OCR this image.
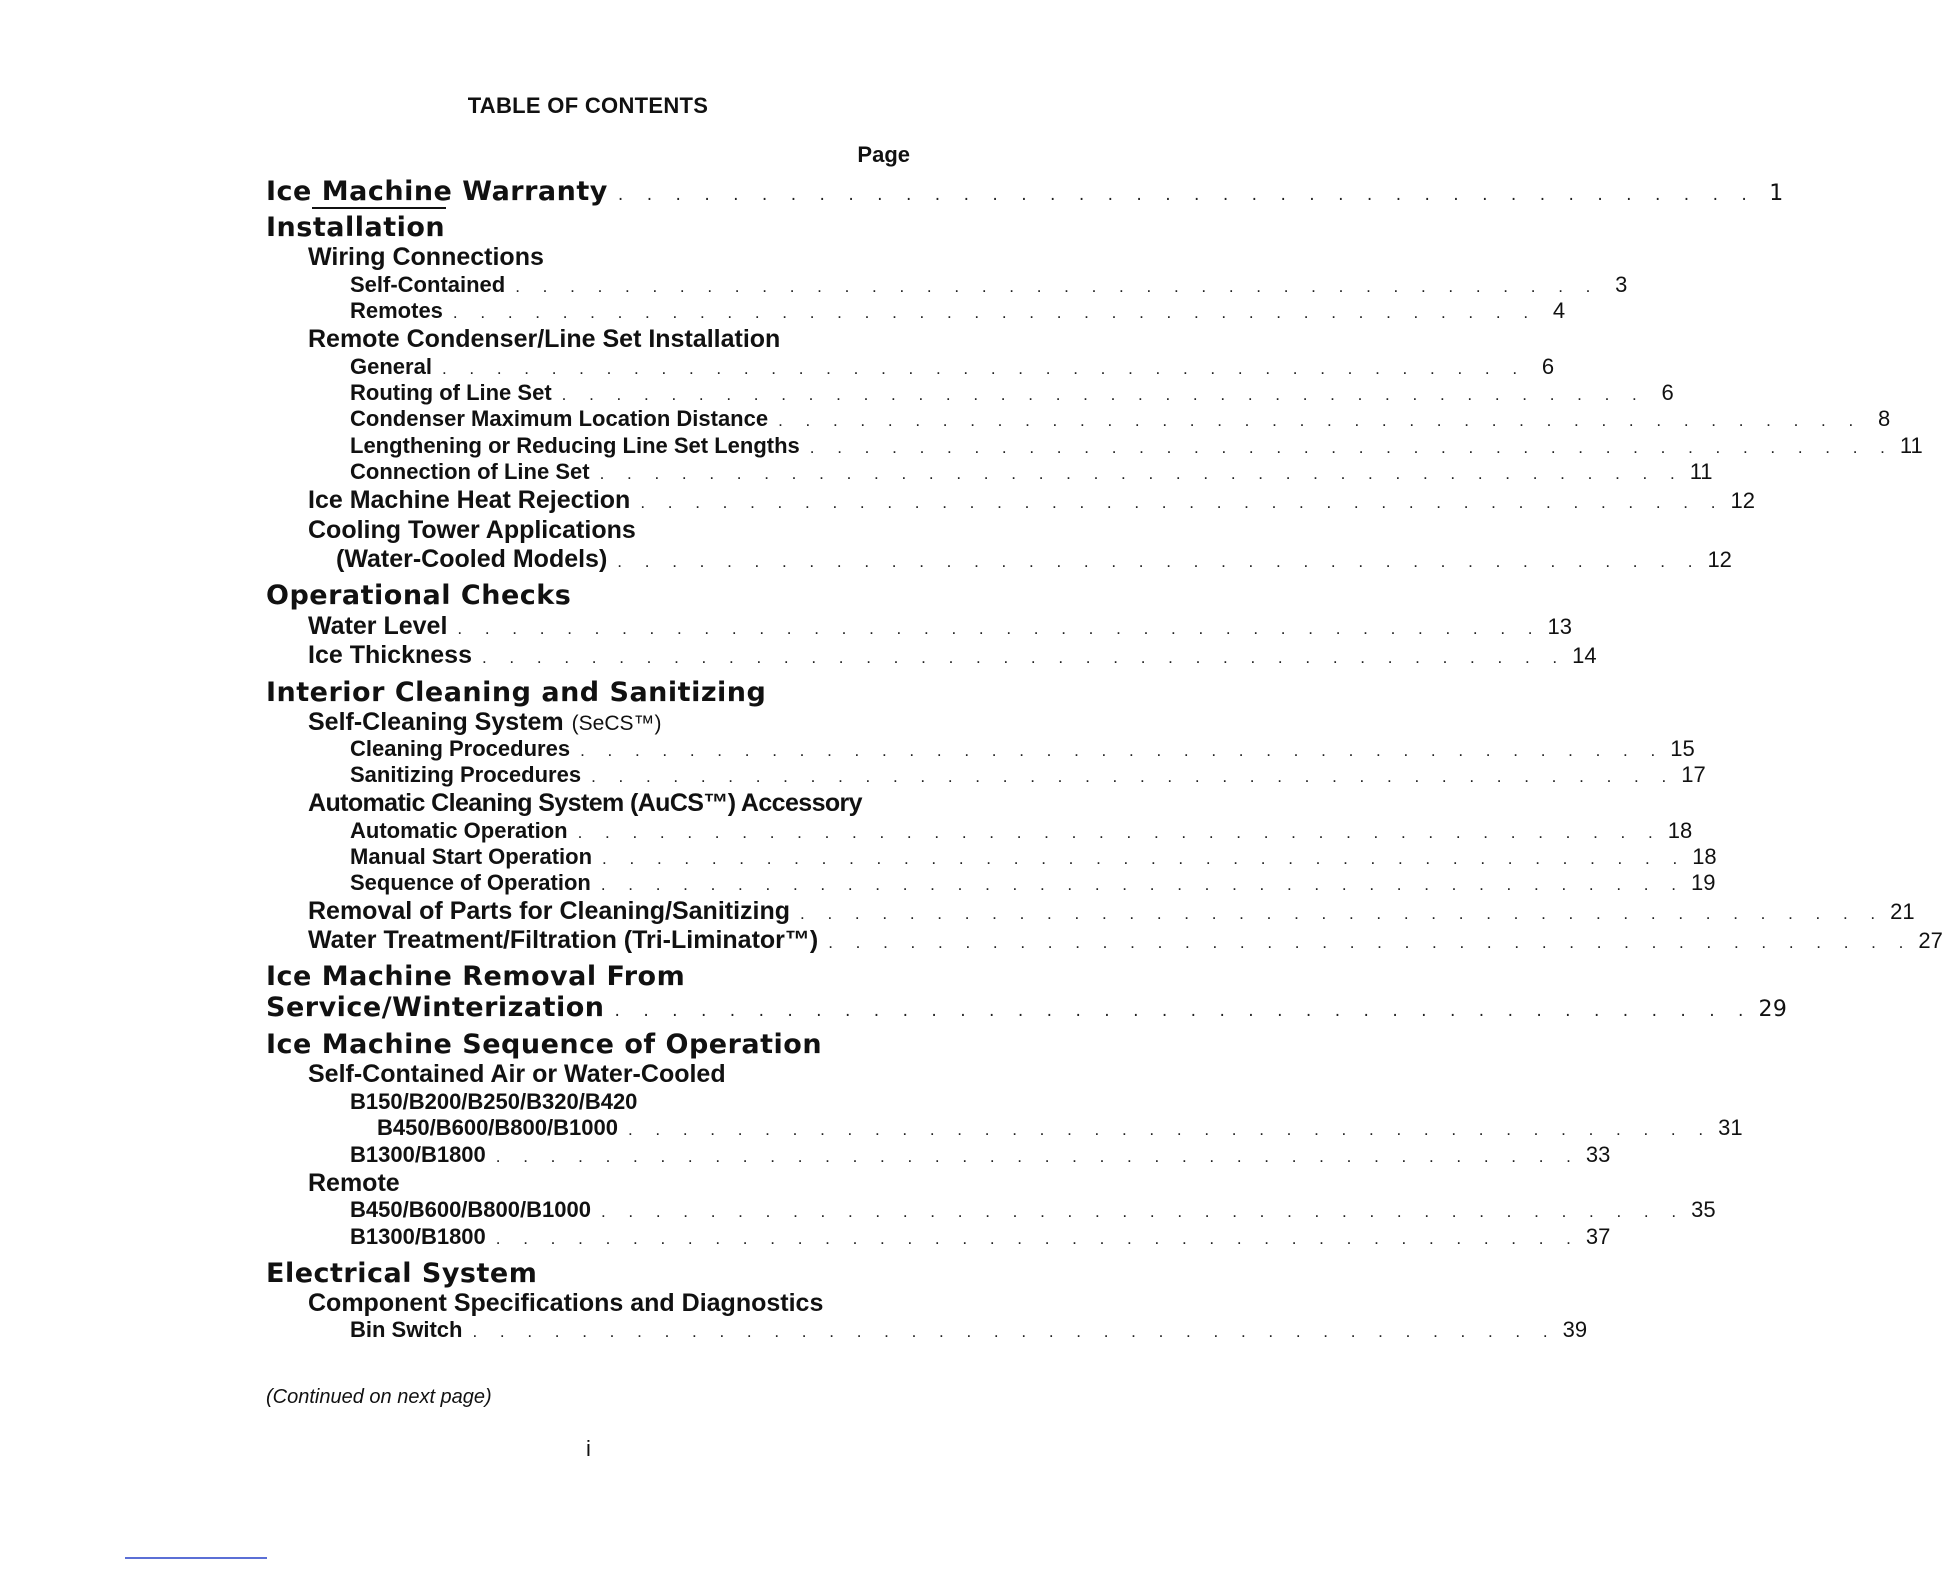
TABLE OF CONTENTS
Page
Ice Machine Warranty . . . . . . . . . . . . . . . . . . . . . . . . . . . . . . . . . . . . . . . . 1
Installation
Wiring Connections
Self-Contained . . . . . . . . . . . . . . . . . . . . . . . . . . . . . . . . . . . . . . . . 3
Remotes . . . . . . . . . . . . . . . . . . . . . . . . . . . . . . . . . . . . . . . . 4
Remote Condenser/Line Set Installation
General . . . . . . . . . . . . . . . . . . . . . . . . . . . . . . . . . . . . . . . . 6
Routing of Line Set . . . . . . . . . . . . . . . . . . . . . . . . . . . . . . . . . . . . . . . . 6
Condenser Maximum Location Distance . . . . . . . . . . . . . . . . . . . . . . . . . . . . . . . . . . . . . . . . 8
Lengthening or Reducing Line Set Lengths . . . . . . . . . . . . . . . . . . . . . . . . . . . . . . . . . . . . . . . . 11
Connection of Line Set . . . . . . . . . . . . . . . . . . . . . . . . . . . . . . . . . . . . . . . . 11
Ice Machine Heat Rejection . . . . . . . . . . . . . . . . . . . . . . . . . . . . . . . . . . . . . . . . 12
Cooling Tower Applications
(Water-Cooled Models) . . . . . . . . . . . . . . . . . . . . . . . . . . . . . . . . . . . . . . . . 12
Operational Checks
Water Level . . . . . . . . . . . . . . . . . . . . . . . . . . . . . . . . . . . . . . . . 13
Ice Thickness . . . . . . . . . . . . . . . . . . . . . . . . . . . . . . . . . . . . . . . . 14
Interior Cleaning and Sanitizing
Self-Cleaning System (SeCS™)
Cleaning Procedures . . . . . . . . . . . . . . . . . . . . . . . . . . . . . . . . . . . . . . . . 15
Sanitizing Procedures . . . . . . . . . . . . . . . . . . . . . . . . . . . . . . . . . . . . . . . . 17
Automatic Cleaning System (AuCS™) Accessory
Automatic Operation . . . . . . . . . . . . . . . . . . . . . . . . . . . . . . . . . . . . . . . . 18
Manual Start Operation . . . . . . . . . . . . . . . . . . . . . . . . . . . . . . . . . . . . . . . . 18
Sequence of Operation . . . . . . . . . . . . . . . . . . . . . . . . . . . . . . . . . . . . . . . . 19
Removal of Parts for Cleaning/Sanitizing . . . . . . . . . . . . . . . . . . . . . . . . . . . . . . . . . . . . . . . . 21
Water Treatment/Filtration (Tri-Liminator™) . . . . . . . . . . . . . . . . . . . . . . . . . . . . . . . . . . . . . . . . 27
Ice Machine Removal From
Service/Winterization . . . . . . . . . . . . . . . . . . . . . . . . . . . . . . . . . . . . . . . . 29
Ice Machine Sequence of Operation
Self-Contained Air or Water-Cooled
B150/B200/B250/B320/B420
B450/B600/B800/B1000 . . . . . . . . . . . . . . . . . . . . . . . . . . . . . . . . . . . . . . . . 31
B1300/B1800 . . . . . . . . . . . . . . . . . . . . . . . . . . . . . . . . . . . . . . . . 33
Remote
B450/B600/B800/B1000 . . . . . . . . . . . . . . . . . . . . . . . . . . . . . . . . . . . . . . . . 35
B1300/B1800 . . . . . . . . . . . . . . . . . . . . . . . . . . . . . . . . . . . . . . . . 37
Electrical System
Component Specifications and Diagnostics
Bin Switch . . . . . . . . . . . . . . . . . . . . . . . . . . . . . . . . . . . . . . . . 39
(Continued on next page)
i
